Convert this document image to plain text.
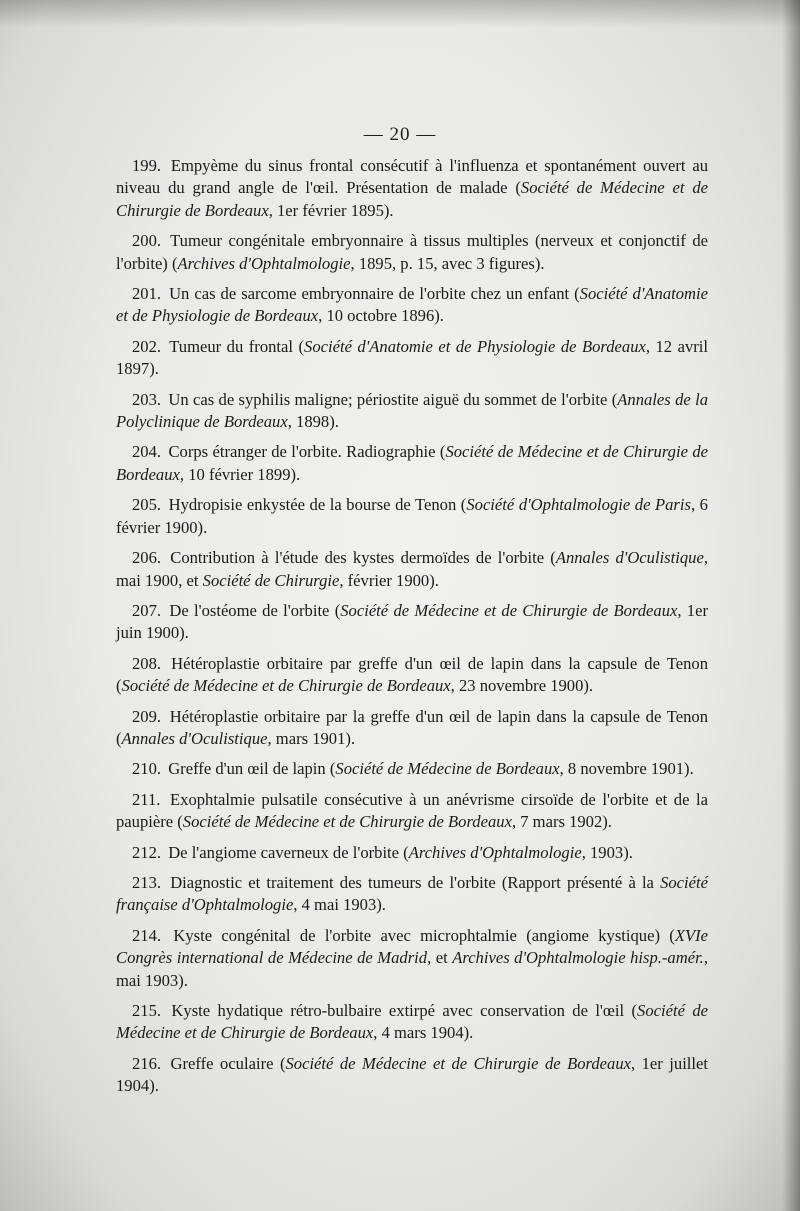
— 20 —

199. Empyème du sinus frontal consécutif à l'influenza et spontanément ouvert au niveau du grand angle de l'œil. Présentation de malade (Société de Médecine et de Chirurgie de Bordeaux, 1er février 1895).

200. Tumeur congénitale embryonnaire à tissus multiples (nerveux et conjonctif de l'orbite) (Archives d'Ophtalmologie, 1895, p. 15, avec 3 figures).

201. Un cas de sarcome embryonnaire de l'orbite chez un enfant (Société d'Anatomie et de Physiologie de Bordeaux, 10 octobre 1896).

202. Tumeur du frontal (Société d'Anatomie et de Physiologie de Bordeaux, 12 avril 1897).

203. Un cas de syphilis maligne; périostite aiguë du sommet de l'orbite (Annales de la Polyclinique de Bordeaux, 1898).

204. Corps étranger de l'orbite. Radiographie (Société de Médecine et de Chirurgie de Bordeaux, 10 février 1899).

205. Hydropisie enkystée de la bourse de Tenon (Société d'Ophtalmologie de Paris, 6 février 1900).

206. Contribution à l'étude des kystes dermoïdes de l'orbite (Annales d'Oculistique, mai 1900, et Société de Chirurgie, février 1900).

207. De l'ostéome de l'orbite (Société de Médecine et de Chirurgie de Bordeaux, 1er juin 1900).

208. Hétéroplastie orbitaire par greffe d'un œil de lapin dans la capsule de Tenon (Société de Médecine et de Chirurgie de Bordeaux, 23 novembre 1900).

209. Hétéroplastie orbitaire par la greffe d'un œil de lapin dans la capsule de Tenon (Annales d'Oculistique, mars 1901).

210. Greffe d'un œil de lapin (Société de Médecine de Bordeaux, 8 novembre 1901).

211. Exophtalmie pulsatile consécutive à un anévrisme cirsoïde de l'orbite et de la paupière (Société de Médecine et de Chirurgie de Bordeaux, 7 mars 1902).

212. De l'angiome caverneux de l'orbite (Archives d'Ophtalmologie, 1903).

213. Diagnostic et traitement des tumeurs de l'orbite (Rapport présenté à la Société française d'Ophtalmologie, 4 mai 1903).

214. Kyste congénital de l'orbite avec microphtalmie (angiome kystique) (XVIe Congrès international de Médecine de Madrid, et Archives d'Ophtalmologie hisp.-amér., mai 1903).

215. Kyste hydatique rétro-bulbaire extirpé avec conservation de l'œil (Société de Médecine et de Chirurgie de Bordeaux, 4 mars 1904).

216. Greffe oculaire (Société de Médecine et de Chirurgie de Bordeaux, 1er juillet 1904).
